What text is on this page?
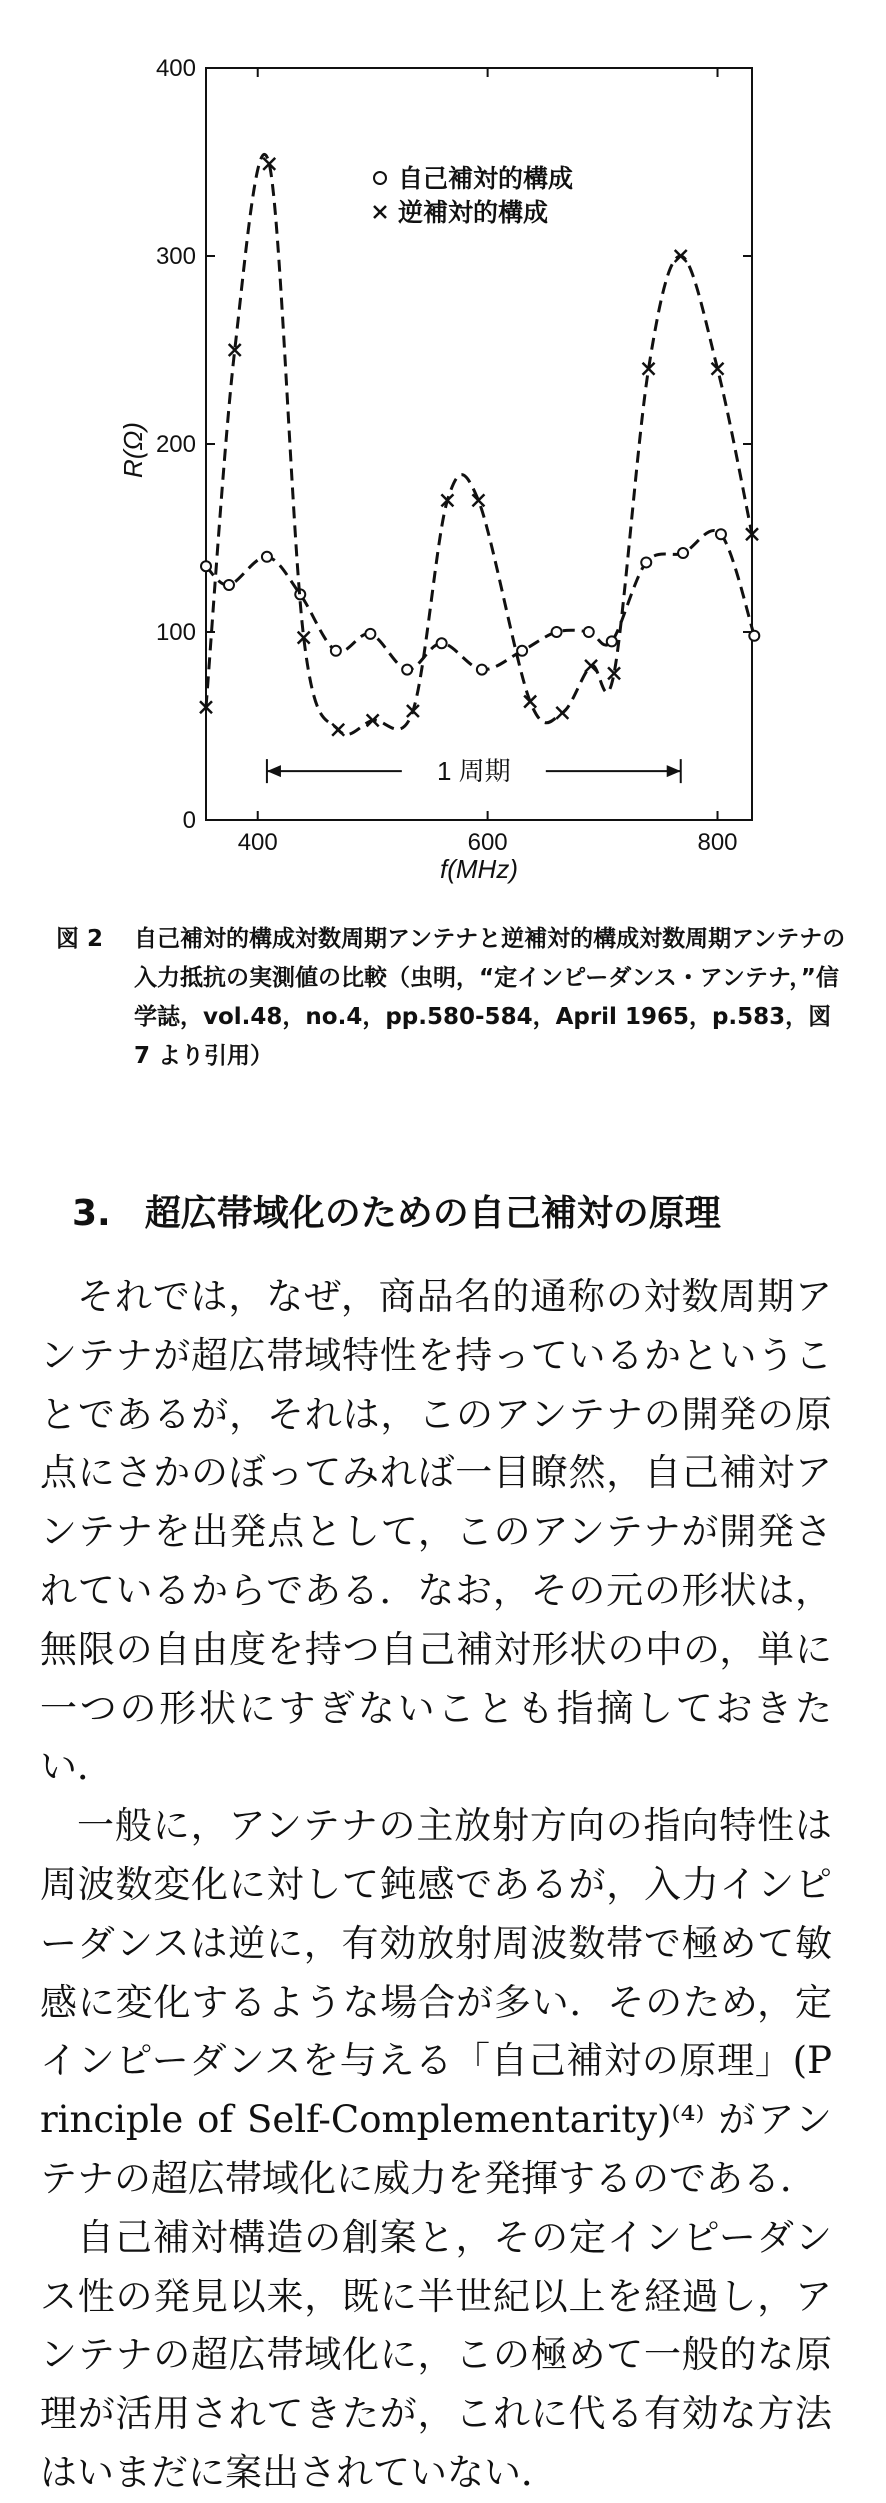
0
100
200
300
400
400	600	800
1 周期
自己補対的構成
逆補対的構成
R(Ω)
f(MHz)
図 2 自己補対的構成対数周期アンテナと逆補対的構成対数周期アンテナの入力抵抗の実測値の比較（虫明，“定インピーダンス・アンテナ，”信学誌，vol.48，no.4，pp.580-584，April 1965，p.583，図 7 より引用）
3. 超広帯域化のための自己補対の原理

それでは，なぜ，商品名的通称の対数周期アンテナが超広帯域特性を持っているかということであるが，それは，このアンテナの開発の原点にさかのぼってみれば一目瞭然，自己補対アンテナを出発点として，このアンテナが開発されているからである．なお，その元の形状は，無限の自由度を持つ自己補対形状の中の，単に一つの形状にすぎないことも指摘しておきたい．

一般に，アンテナの主放射方向の指向特性は周波数変化に対して鈍感であるが，入力インピーダンスは逆に，有効放射周波数帯で極めて敏感に変化するような場合が多い．そのため，定インピーダンスを与える「自己補対の原理」(Principle of Self-Complementarity)⁽⁴⁾ がアンテナの超広帯域化に威力を発揮するのである．

自己補対構造の創案と，その定インピーダンス性の発見以来，既に半世紀以上を経過し，アンテナの超広帯域化に，この極めて一般的な原理が活用されてきたが，これに代る有効な方法はいまだに案出されていない．
